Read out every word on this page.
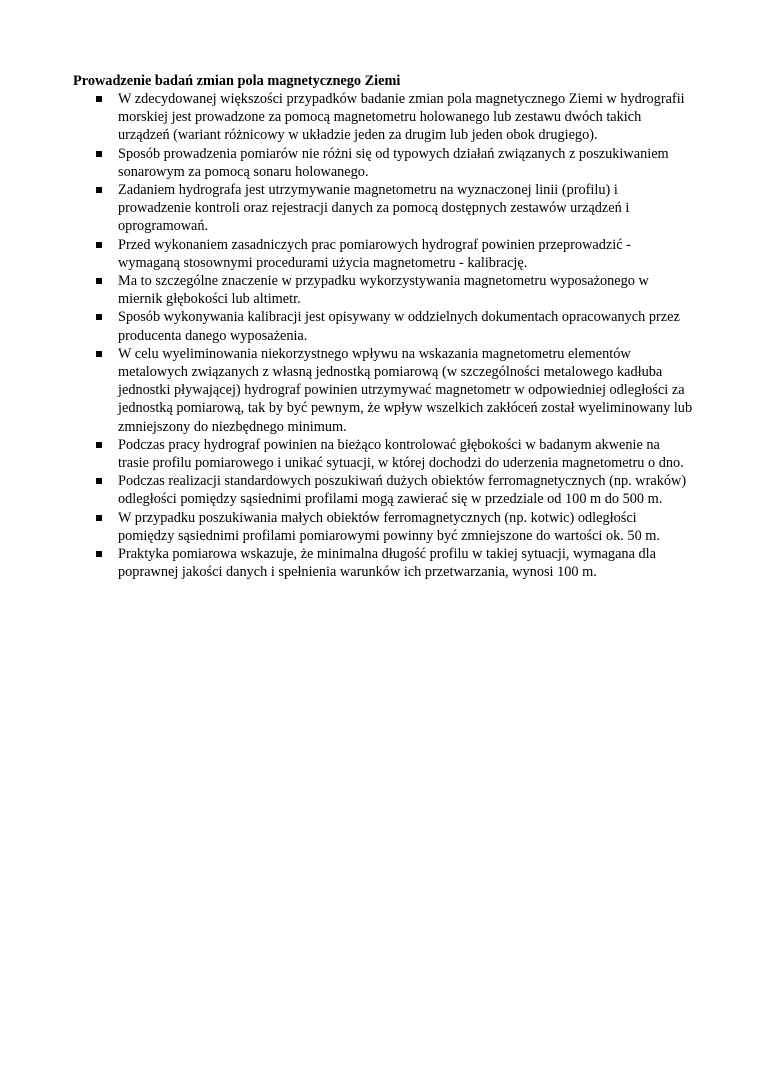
Prowadzenie badań zmian pola magnetycznego Ziemi
W zdecydowanej większości przypadków badanie zmian pola magnetycznego Ziemi w hydrografii morskiej jest prowadzone za pomocą magnetometru holowanego lub zestawu dwóch takich urządzeń (wariant różnicowy w układzie jeden za drugim lub jeden obok drugiego).
Sposób prowadzenia pomiarów nie różni się od typowych działań związanych z poszukiwaniem sonarowym za pomocą sonaru holowanego.
Zadaniem hydrografa jest utrzymywanie magnetometru na wyznaczonej linii (profilu) i prowadzenie kontroli oraz rejestracji danych za pomocą dostępnych zestawów urządzeń i oprogramowań.
Przed wykonaniem zasadniczych prac pomiarowych hydrograf powinien przeprowadzić - wymaganą stosownymi procedurami użycia magnetometru - kalibrację.
Ma to szczególne znaczenie w przypadku wykorzystywania magnetometru wyposażonego w miernik głębokości lub altimetr.
Sposób wykonywania kalibracji jest opisywany w oddzielnych dokumentach opracowanych przez producenta danego wyposażenia.
W celu wyeliminowania niekorzystnego wpływu na wskazania magnetometru elementów metalowych związanych z własną jednostką pomiarową (w szczególności metalowego kadłuba jednostki pływającej) hydrograf powinien utrzymywać magnetometr w odpowiedniej odległości za jednostką pomiarową, tak by być pewnym, że wpływ wszelkich zakłóceń został wyeliminowany lub zmniejszony do niezbędnego minimum.
Podczas pracy hydrograf powinien na bieżąco kontrolować głębokości w badanym akwenie na trasie profilu pomiarowego i unikać sytuacji, w której dochodzi do uderzenia magnetometru o dno.
Podczas realizacji standardowych poszukiwań dużych obiektów ferromagnetycznych (np. wraków) odległości pomiędzy sąsiednimi profilami mogą zawierać się w przedziale od 100 m do 500 m.
W przypadku poszukiwania małych obiektów ferromagnetycznych (np. kotwic) odległości pomiędzy sąsiednimi profilami pomiarowymi powinny być zmniejszone do wartości ok. 50 m.
Praktyka pomiarowa wskazuje, że minimalna długość profilu w takiej sytuacji, wymagana dla poprawnej jakości danych i spełnienia warunków ich przetwarzania, wynosi 100 m.
